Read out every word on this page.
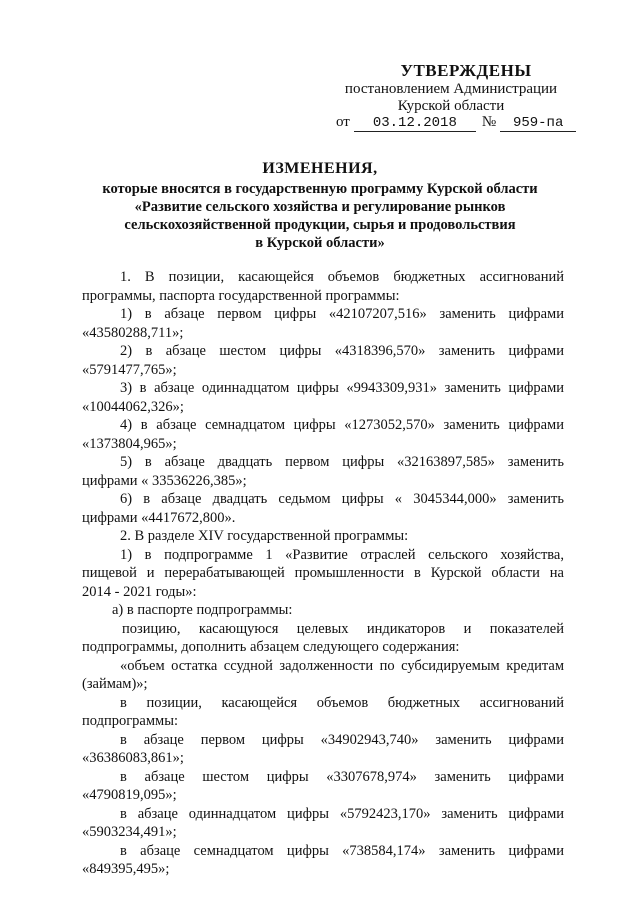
УТВЕРЖДЕНЫ
постановлением Администрации
Курской области
от 03.12.2018 № 959-па
ИЗМЕНЕНИЯ,
которые вносятся в государственную программу Курской области
«Развитие сельского хозяйства и регулирование рынков
сельскохозяйственной продукции, сырья и продовольствия
в Курской области»

1. В позиции, касающейся объемов бюджетных ассигнований

программы, паспорта государственной программы:

1) в абзаце первом цифры «42107207,516» заменить цифрами

«43580288,711»;

2) в абзаце шестом цифры «4318396,570» заменить цифрами

«5791477,765»;

3) в абзаце одиннадцатом цифры «9943309,931» заменить цифрами

«10044062,326»;

4) в абзаце семнадцатом цифры «1273052,570» заменить цифрами

«1373804,965»;

5) в абзаце двадцать первом цифры «32163897,585» заменить

цифрами « 33536226,385»;

6) в абзаце двадцать седьмом цифры « 3045344,000» заменить

цифрами «4417672,800».

2. В разделе XIV государственной программы:

1) в подпрограмме 1 «Развитие отраслей сельского хозяйства,

пищевой и перерабатывающей промышленности в Курской области на

2014 - 2021 годы»:

а) в паспорте подпрограммы:

позицию, касающуюся целевых индикаторов и показателей

подпрограммы, дополнить абзацем следующего содержания:

«объем остатка ссудной задолженности по субсидируемым кредитам

(займам)»;

в позиции, касающейся объемов бюджетных ассигнований

подпрограммы:

в абзаце первом цифры «34902943,740» заменить цифрами

«36386083,861»;

в абзаце шестом цифры «3307678,974» заменить цифрами

«4790819,095»;

в абзаце одиннадцатом цифры «5792423,170» заменить цифрами

«5903234,491»;

в абзаце семнадцатом цифры «738584,174» заменить цифрами

«849395,495»;
